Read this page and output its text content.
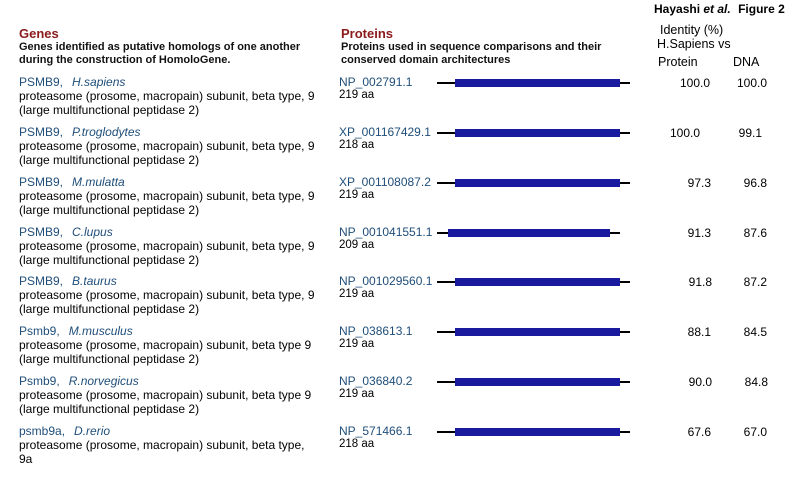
Hayashi et al. Figure 2
Genes
Genes identified as putative homologs of one another during the construction of HomoloGene.
Proteins
Proteins used in sequence comparisons and their conserved domain architectures
Identity (%)
H.Sapiens vs
Protein	DNA
PSMB9, H.sapiens
proteasome (prosome, macropain) subunit, beta type, 9 (large multifunctional peptidase 2)
NP_002791.1
219 aa
100.0	100.0
PSMB9, P.troglodytes
proteasome (prosome, macropain) subunit, beta type, 9 (large multifunctional peptidase 2)
XP_001167429.1
218 aa
100.0	99.1
PSMB9, M.mulatta
proteasome (prosome, macropain) subunit, beta type, 9 (large multifunctional peptidase 2)
XP_001108087.2
219 aa
97.3	96.8
PSMB9, C.lupus
proteasome (prosome, macropain) subunit, beta type, 9 (large multifunctional peptidase 2)
NP_001041551.1
209 aa
91.3	87.6
PSMB9, B.taurus
proteasome (prosome, macropain) subunit, beta type, 9 (large multifunctional peptidase 2)
NP_001029560.1
219 aa
91.8	87.2
Psmb9, M.musculus
proteasome (prosome, macropain) subunit, beta type 9 (large multifunctional peptidase 2)
NP_038613.1
219 aa
88.1	84.5
Psmb9, R.norvegicus
proteasome (prosome, macropain) subunit, beta type 9 (large multifunctional peptidase 2)
NP_036840.2
219 aa
90.0	84.8
psmb9a, D.rerio
proteasome (prosome, macropain) subunit, beta type, 9a
NP_571466.1
218 aa
67.6	67.0
